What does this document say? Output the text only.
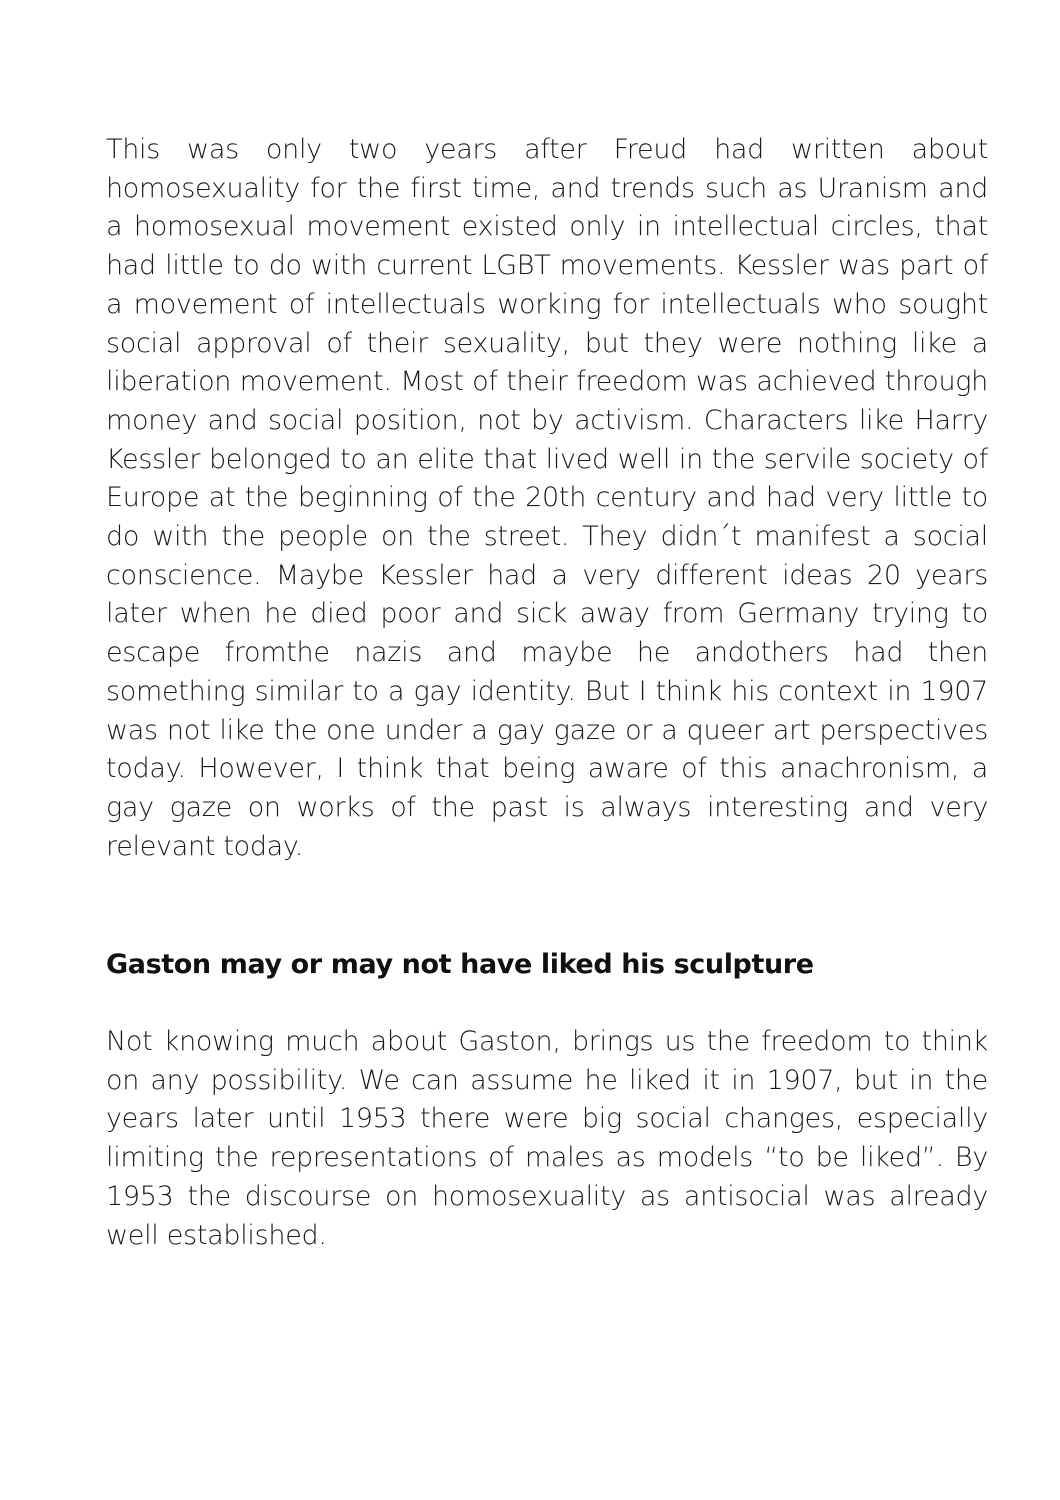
This was only two years after Freud had written about homosexuality for the first time, and trends such as Uranism and a homosexual movement existed only in intellectual circles, that had little to do with current LGBT movements. Kessler was part of a movement of intellectuals working for intellectuals who sought social approval of their sexuality, but they were nothing like a liberation movement. Most of their freedom was achieved through money and social position, not by activism. Characters like Harry Kessler belonged to an elite that lived well in the servile society of Europe at the beginning of the 20th century and had very little to do with the people on the street. They didn´t manifest a social conscience. Maybe Kessler had a very different ideas 20 years later when he died poor and sick away from Germany trying to escape fromthe nazis and maybe he andothers had then something similar to a gay identity. But I think his context in 1907 was not like the one under a gay gaze or a queer art perspectives today. However, I think that being aware of this anachronism, a gay gaze on works of the past is always interesting and very relevant today.

Gaston may or may not have liked his sculpture

Not knowing much about Gaston, brings us the freedom to think on any possibility. We can assume he liked it in 1907, but in the years later until 1953 there were big social changes, especially limiting the representations of males as models “to be liked”. By 1953 the discourse on homosexuality as antisocial was already well established.
